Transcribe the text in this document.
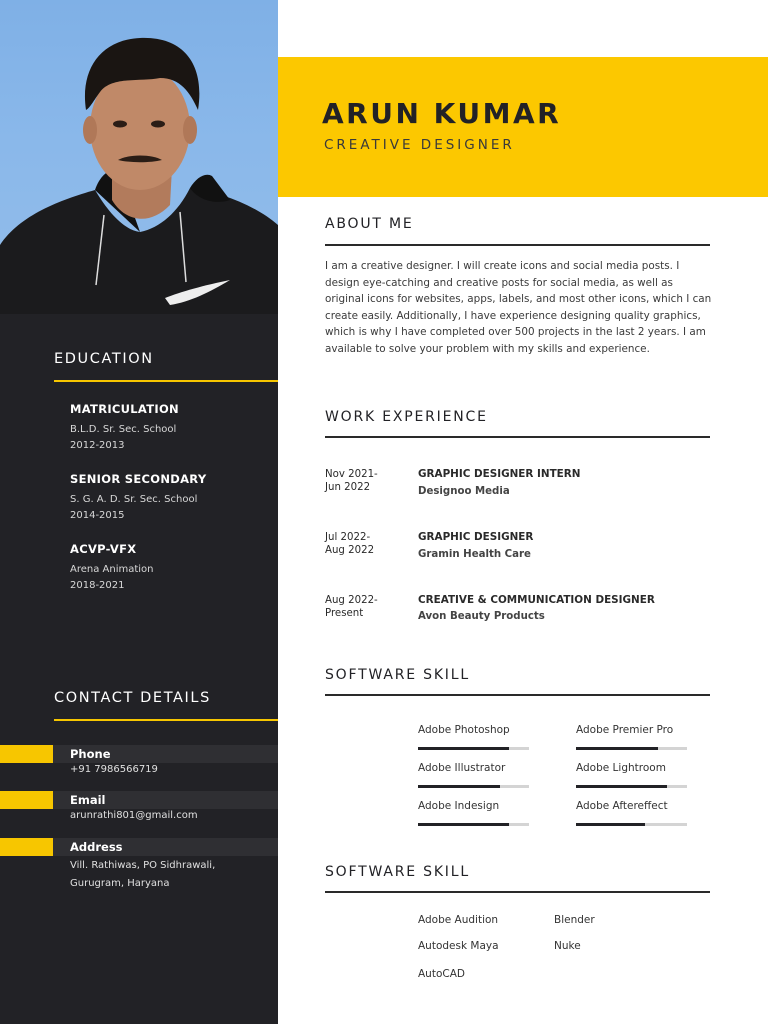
EDUCATION
MATRICULATION
B.L.D. Sr. Sec. School
2012-2013
SENIOR SECONDARY
S. G. A. D. Sr. Sec. School
2014-2015
ACVP-VFX
Arena Animation
2018-2021
CONTACT DETAILS
Phone
+91 7986566719
Email
arunrathi801@gmail.com
Address
Vill. Rathiwas, PO Sidhrawali,
Gurugram, Haryana
ARUN KUMAR
CREATIVE DESIGNER
ABOUT ME
I am a creative designer. I will create icons and social media posts. I design eye-catching and creative posts for social media, as well as original icons for websites, apps, labels, and most other icons, which I can create easily. Additionally, I have experience designing quality graphics, which is why I have completed over 500 projects in the last 2 years. I am available to solve your problem with my skills and experience.
WORK EXPERIENCE
Nov 2021-
Jun 2022
GRAPHIC DESIGNER INTERN
Designoo Media
Jul 2022-
Aug 2022
GRAPHIC DESIGNER
Gramin Health Care
Aug 2022-
Present
CREATIVE & COMMUNICATION DESIGNER
Avon Beauty Products
SOFTWARE SKILL
Adobe Photoshop	Adobe Premier Pro
Adobe Illustrator	Adobe Lightroom
Adobe Indesign	Adobe Aftereffect
SOFTWARE SKILL
Adobe Audition	Blender
Autodesk Maya	Nuke
AutoCAD
